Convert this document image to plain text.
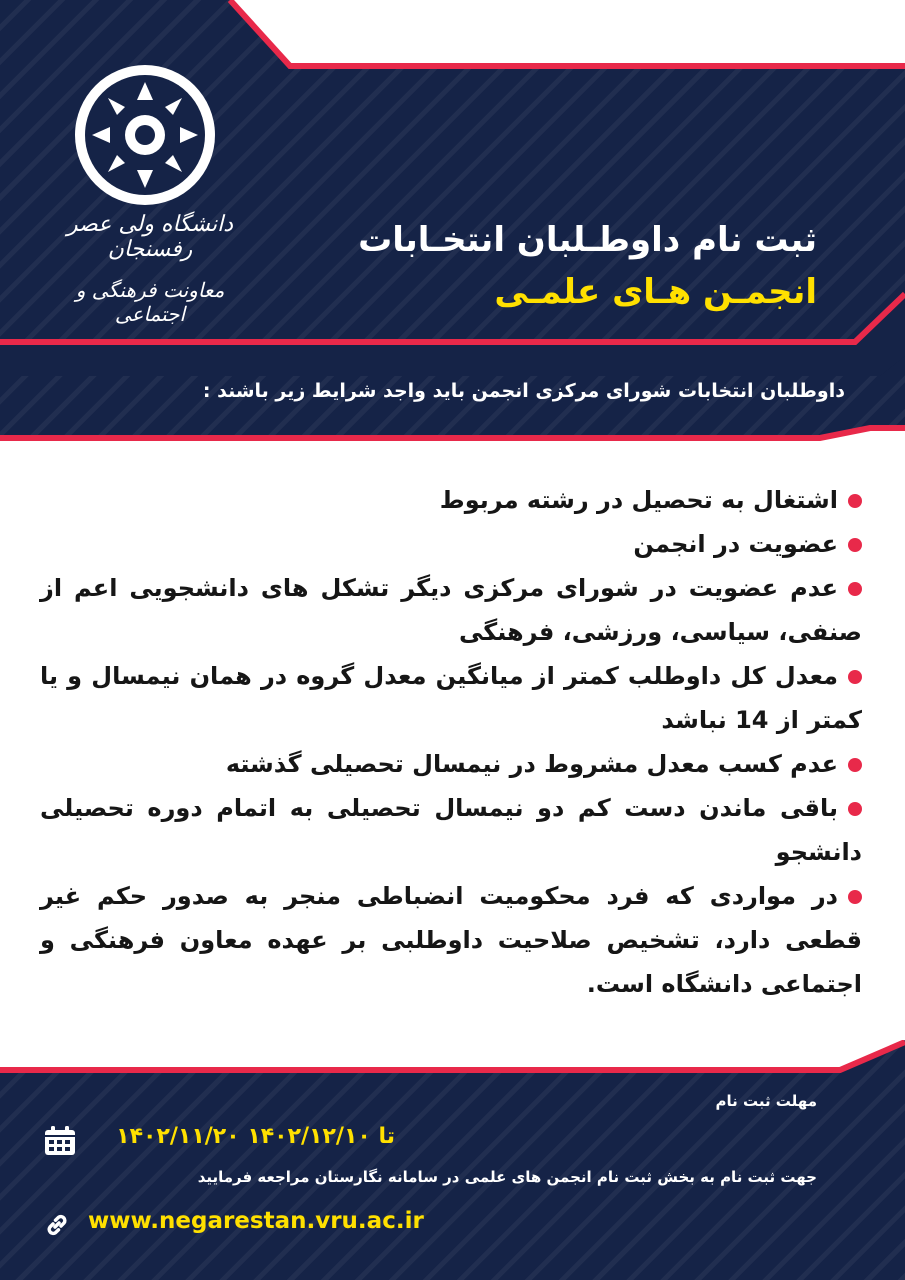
دانشگاه ولی عصر رفسنجان
معاونت فرهنگی و اجتماعی
ثبت نام داوطـلبان انتخـابات
انجمـن هـای علمـی
داوطلبان انتخابات شورای مرکزی انجمن باید واجد شرایط زیر باشند :
اشتغال به تحصیل در رشته مربوط
عضویت در انجمن
عدم عضویت در شورای مرکزی دیگر تشکل های دانشجویی اعم از صنفی، سیاسی، ورزشی، فرهنگی
معدل کل داوطلب کمتر از میانگین معدل گروه در همان نیمسال و یا کمتر از 14 نباشد
عدم کسب معدل مشروط در نیمسال تحصیلی گذشته
باقی ماندن دست کم دو نیمسال تحصیلی به اتمام دوره تحصیلی دانشجو
در مواردی که فرد محکومیت انضباطی منجر به صدور حکم غیر قطعی دارد، تشخیص صلاحیت داوطلبی بر عهده معاون فرهنگی و اجتماعی دانشگاه است.
مهلت ثبت نام
۱۴۰۲/۱۱/۲۰ تا ۱۴۰۲/۱۲/۱۰
جهت ثبت نام به بخش ثبت نام انجمن های علمی در سامانه نگارستان مراجعه فرمایید
www.negarestan.vru.ac.ir
